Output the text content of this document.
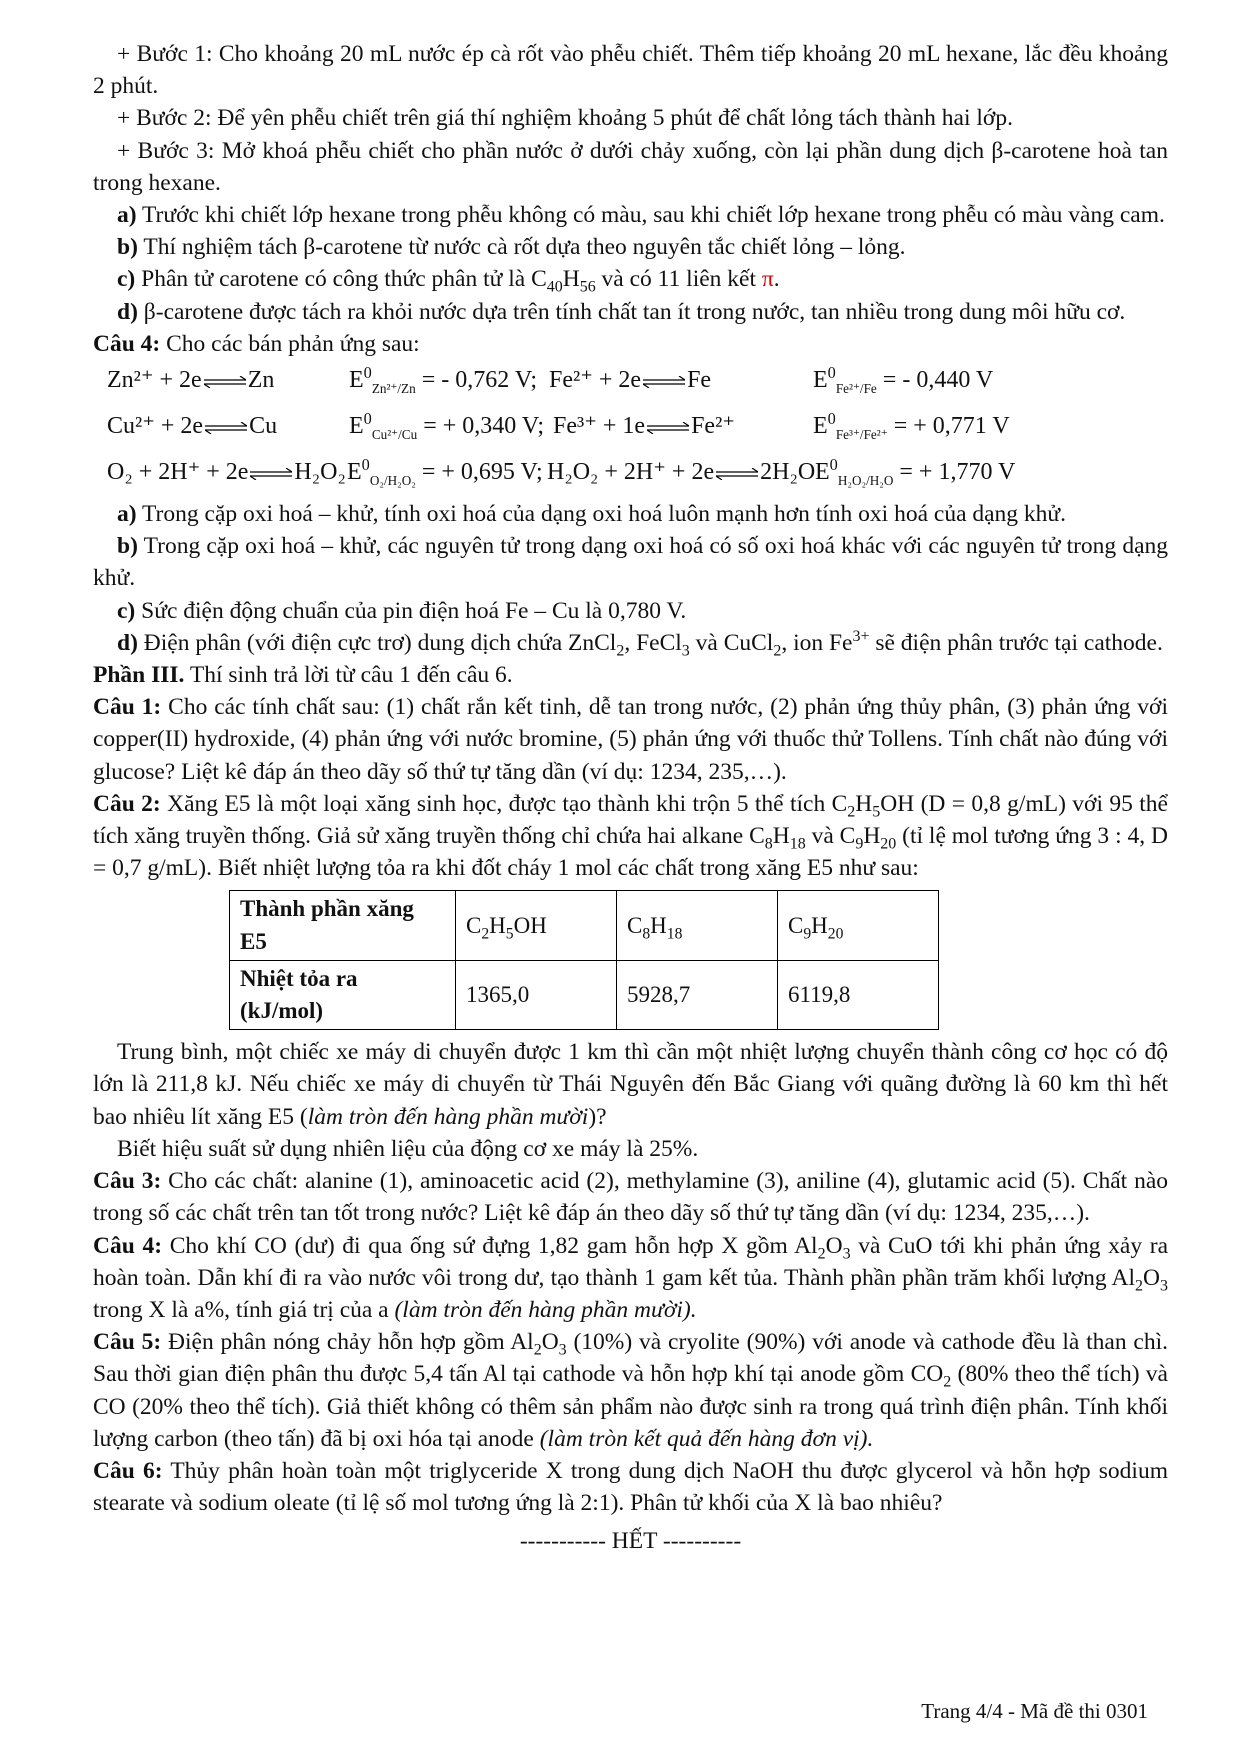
+ Bước 1: Cho khoảng 20 mL nước ép cà rốt vào phễu chiết. Thêm tiếp khoảng 20 mL hexane, lắc đều khoảng 2 phút.

+ Bước 2: Để yên phễu chiết trên giá thí nghiệm khoảng 5 phút để chất lỏng tách thành hai lớp.

+ Bước 3: Mở khoá phễu chiết cho phần nước ở dưới chảy xuống, còn lại phần dung dịch β-carotene hoà tan trong hexane.

a) Trước khi chiết lớp hexane trong phễu không có màu, sau khi chiết lớp hexane trong phễu có màu vàng cam.

b) Thí nghiệm tách β-carotene từ nước cà rốt dựa theo nguyên tắc chiết lỏng – lỏng.

c) Phân tử carotene có công thức phân tử là $C_{40}H_{56}$ và có 11 liên kết π.

d) β-carotene được tách ra khỏi nước dựa trên tính chất tan ít trong nước, tan nhiều trong dung môi hữu cơ.

Câu 4: Cho các bán phản ứng sau:

Zn²⁺ + 2e ⇌ Zn	$E^0_{Zn^{2+}/Zn}$ = - 0,762 V; Fe²⁺ + 2e ⇌ Fe	$E^0_{Fe^{2+}/Fe}$ = - 0,440 V
Cu²⁺ + 2e ⇌ Cu	$E^0_{Cu^{2+}/Cu}$ = + 0,340 V; Fe³⁺ + 1e ⇌ Fe²⁺	$E^0_{Fe^{3+}/Fe^{2+}}$ = + 0,771 V
O₂ + 2H⁺ + 2e ⇌ H₂O₂ $E^0_{O_2/H_2O_2}$ = + 0,695 V; H₂O₂ + 2H⁺ + 2e ⇌ 2H₂O $E^0_{H_2O_2/H_2O}$ = + 1,770 V

a) Trong cặp oxi hoá – khử, tính oxi hoá của dạng oxi hoá luôn mạnh hơn tính oxi hoá của dạng khử.

b) Trong cặp oxi hoá – khử, các nguyên tử trong dạng oxi hoá có số oxi hoá khác với các nguyên tử trong dạng khử.

c) Sức điện động chuẩn của pin điện hoá Fe – Cu là 0,780 V.

d) Điện phân (với điện cực trơ) dung dịch chứa ZnCl$_2$, FeCl$_3$ và CuCl$_2$, ion $Fe^{3+}$ sẽ điện phân trước tại cathode.

Phần III. Thí sinh trả lời từ câu 1 đến câu 6.

Câu 1: Cho các tính chất sau: (1) chất rắn kết tinh, dễ tan trong nước, (2) phản ứng thủy phân, (3) phản ứng với copper(II) hydroxide, (4) phản ứng với nước bromine, (5) phản ứng với thuốc thử Tollens. Tính chất nào đúng với glucose? Liệt kê đáp án theo dãy số thứ tự tăng dần (ví dụ: 1234, 235,…).

Câu 2: Xăng E5 là một loại xăng sinh học, được tạo thành khi trộn 5 thể tích $C_2H_5OH$ (D = 0,8 g/mL) với 95 thể tích xăng truyền thống. Giả sử xăng truyền thống chỉ chứa hai alkane $C_8H_{18}$ và $C_9H_{20}$ (tỉ lệ mol tương ứng 3 : 4, D = 0,7 g/mL). Biết nhiệt lượng tỏa ra khi đốt cháy 1 mol các chất trong xăng E5 như sau:

Thành phần xăng E5	$C_2H_5OH$	$C_8H_{18}$	$C_9H_{20}$
Nhiệt tỏa ra (kJ/mol)	1365,0	5928,7	6119,8

Trung bình, một chiếc xe máy di chuyển được 1 km thì cần một nhiệt lượng chuyển thành công cơ học có độ lớn là 211,8 kJ. Nếu chiếc xe máy di chuyển từ Thái Nguyên đến Bắc Giang với quãng đường là 60 km thì hết bao nhiêu lít xăng E5 (làm tròn đến hàng phần mười)?

Biết hiệu suất sử dụng nhiên liệu của động cơ xe máy là 25%.

Câu 3: Cho các chất: alanine (1), aminoacetic acid (2), methylamine (3), aniline (4), glutamic acid (5). Chất nào trong số các chất trên tan tốt trong nước? Liệt kê đáp án theo dãy số thứ tự tăng dần (ví dụ: 1234, 235,…).

Câu 4: Cho khí CO (dư) đi qua ống sứ đựng 1,82 gam hỗn hợp X gồm $Al_2O_3$ và CuO tới khi phản ứng xảy ra hoàn toàn. Dẫn khí đi ra vào nước vôi trong dư, tạo thành 1 gam kết tủa. Thành phần phần trăm khối lượng $Al_2O_3$ trong X là a%, tính giá trị của a (làm tròn đến hàng phần mười).

Câu 5: Điện phân nóng chảy hỗn hợp gồm $Al_2O_3$ (10%) và cryolite (90%) với anode và cathode đều là than chì. Sau thời gian điện phân thu được 5,4 tấn Al tại cathode và hỗn hợp khí tại anode gồm $CO_2$ (80% theo thể tích) và CO (20% theo thể tích). Giả thiết không có thêm sản phẩm nào được sinh ra trong quá trình điện phân. Tính khối lượng carbon (theo tấn) đã bị oxi hóa tại anode (làm tròn kết quả đến hàng đơn vị).

Câu 6: Thủy phân hoàn toàn một triglyceride X trong dung dịch NaOH thu được glycerol và hỗn hợp sodium stearate và sodium oleate (tỉ lệ số mol tương ứng là 2:1). Phân tử khối của X là bao nhiêu?

----------- HẾT ----------

Trang 4/4 - Mã đề thi 0301
